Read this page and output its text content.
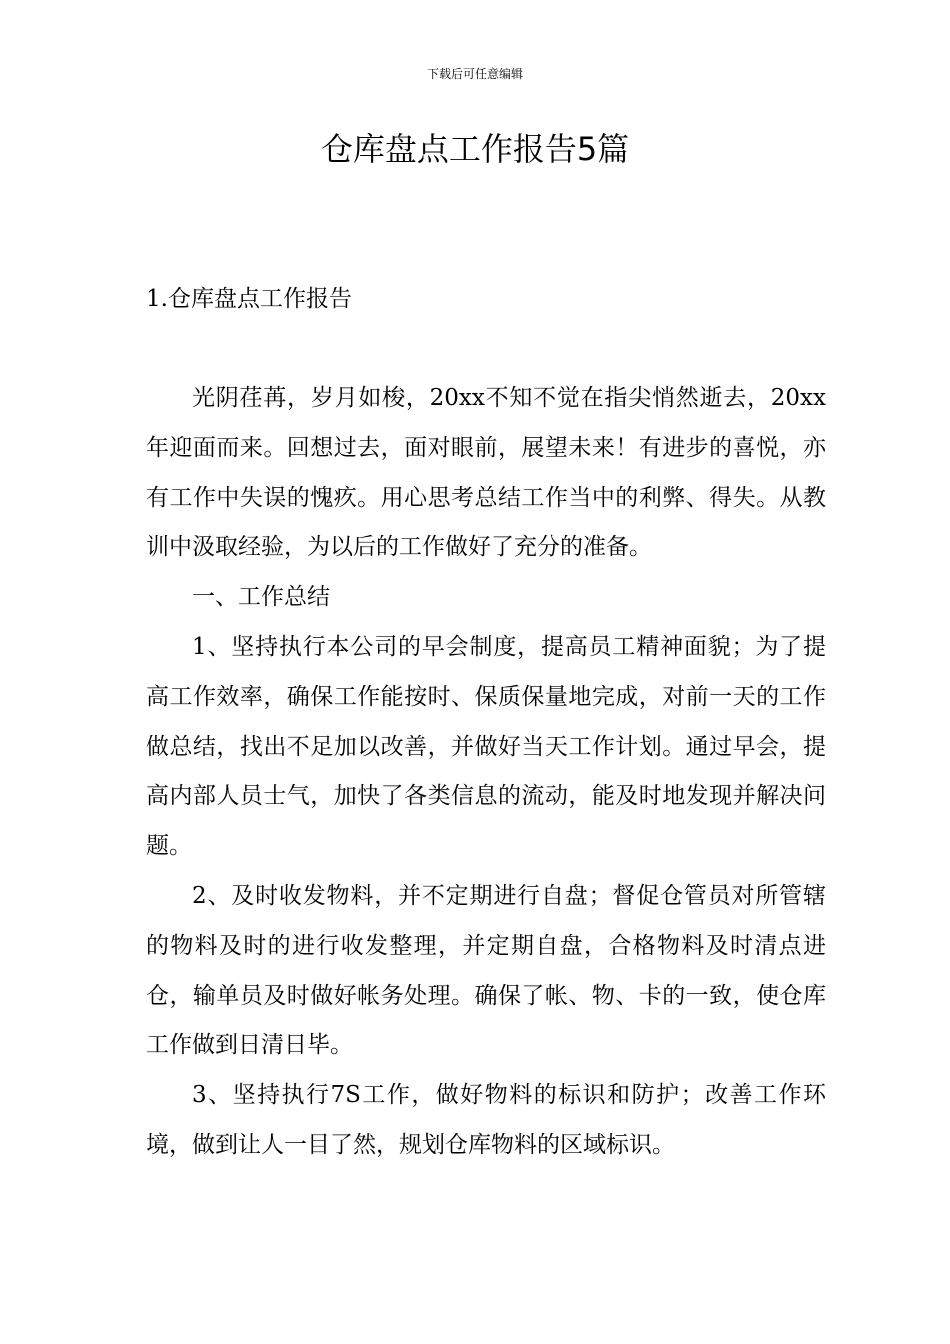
下载后可任意编辑
仓库盘点工作报告5篇
1.仓库盘点工作报告

光阴荏苒，岁月如梭，20xx不知不觉在指尖悄然逝去，20xx年迎面而来。回想过去，面对眼前，展望未来！有进步的喜悦，亦有工作中失误的愧疚。用心思考总结工作当中的利弊、得失。从教训中汲取经验，为以后的工作做好了充分的准备。

一、工作总结

1、坚持执行本公司的早会制度，提高员工精神面貌；为了提高工作效率，确保工作能按时、保质保量地完成，对前一天的工作做总结，找出不足加以改善，并做好当天工作计划。通过早会，提高内部人员士气，加快了各类信息的流动，能及时地发现并解决问题。

2、及时收发物料，并不定期进行自盘；督促仓管员对所管辖的物料及时的进行收发整理，并定期自盘，合格物料及时清点进仓，输单员及时做好帐务处理。确保了帐、物、卡的一致，使仓库工作做到日清日毕。

3、坚持执行7S工作，做好物料的标识和防护；改善工作环境，做到让人一目了然，规划仓库物料的区域标识。
